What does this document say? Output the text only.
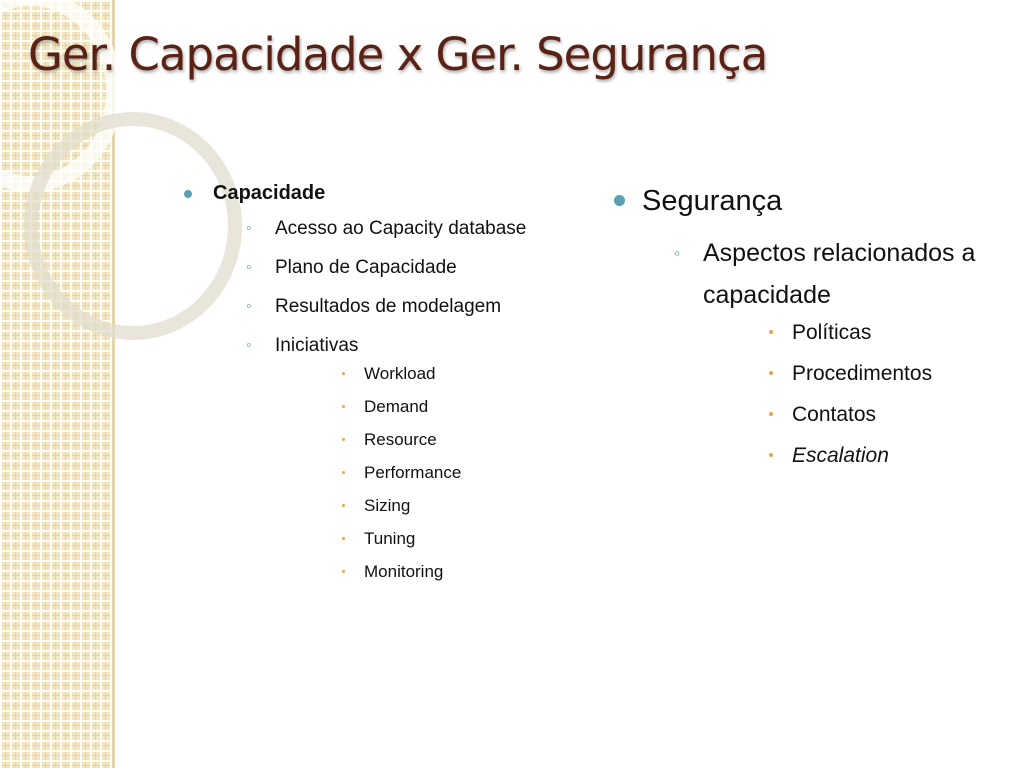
Ger. Capacidade x Ger. Segurança
Capacidade
◦ Acesso ao Capacity database
◦ Plano de Capacidade
◦ Resultados de modelagem
◦ Iniciativas
Workload
Demand
Resource
Performance
Sizing
Tuning
Monitoring
Segurança
◦ Aspectos relacionados a capacidade
Políticas
Procedimentos
Contatos
Escalation
